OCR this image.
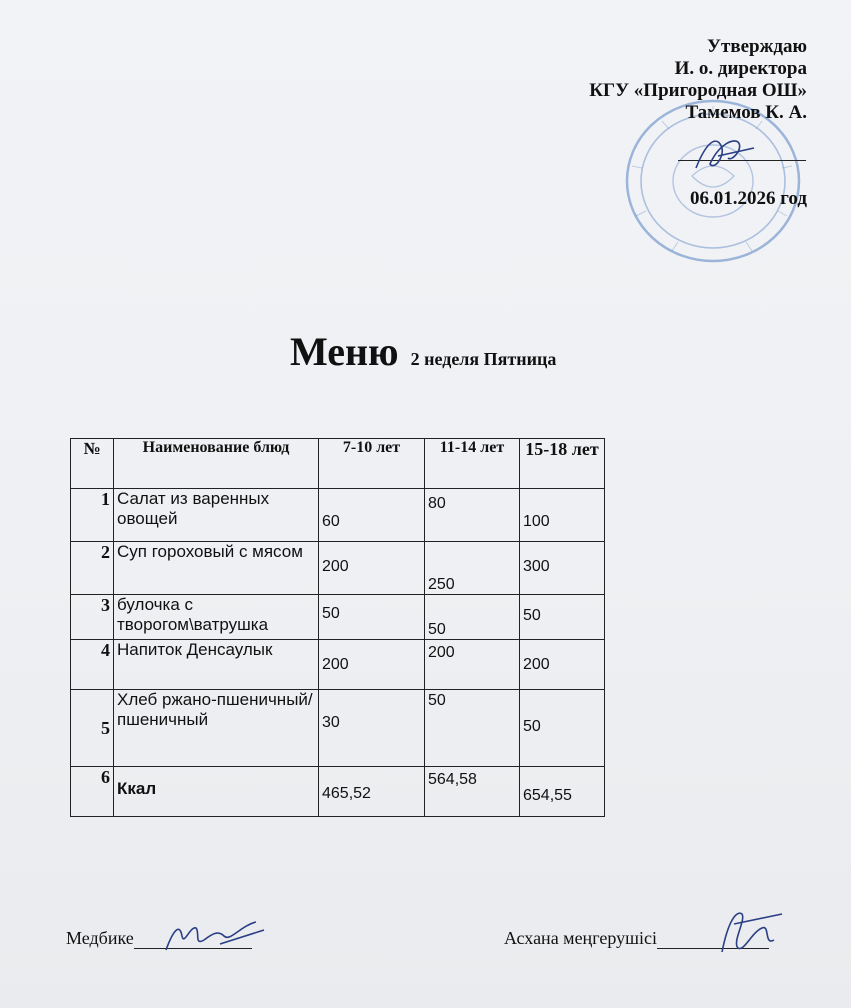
Утверждаю
И. о. директора
КГУ «Пригородная ОШ»
Тамемов К. А.
06.01.2026 год
Меню 2 неделя Пятница
№	Наименование блюд	7-10 лет	11-14 лет	15-18 лет
1	Салат из варенных овощей	60	80	100
2	Суп гороховый с мясом	200	250	300
3	булочка с творогом\ватрушка	50	50	50
4	Напиток Денсаулык	200	200	200
5	Хлеб ржано-пшеничный/ пшеничный	30	50	50
6	Ккал	465,52	564,58	654,55
Медбике	Асхана меңгерушісі
